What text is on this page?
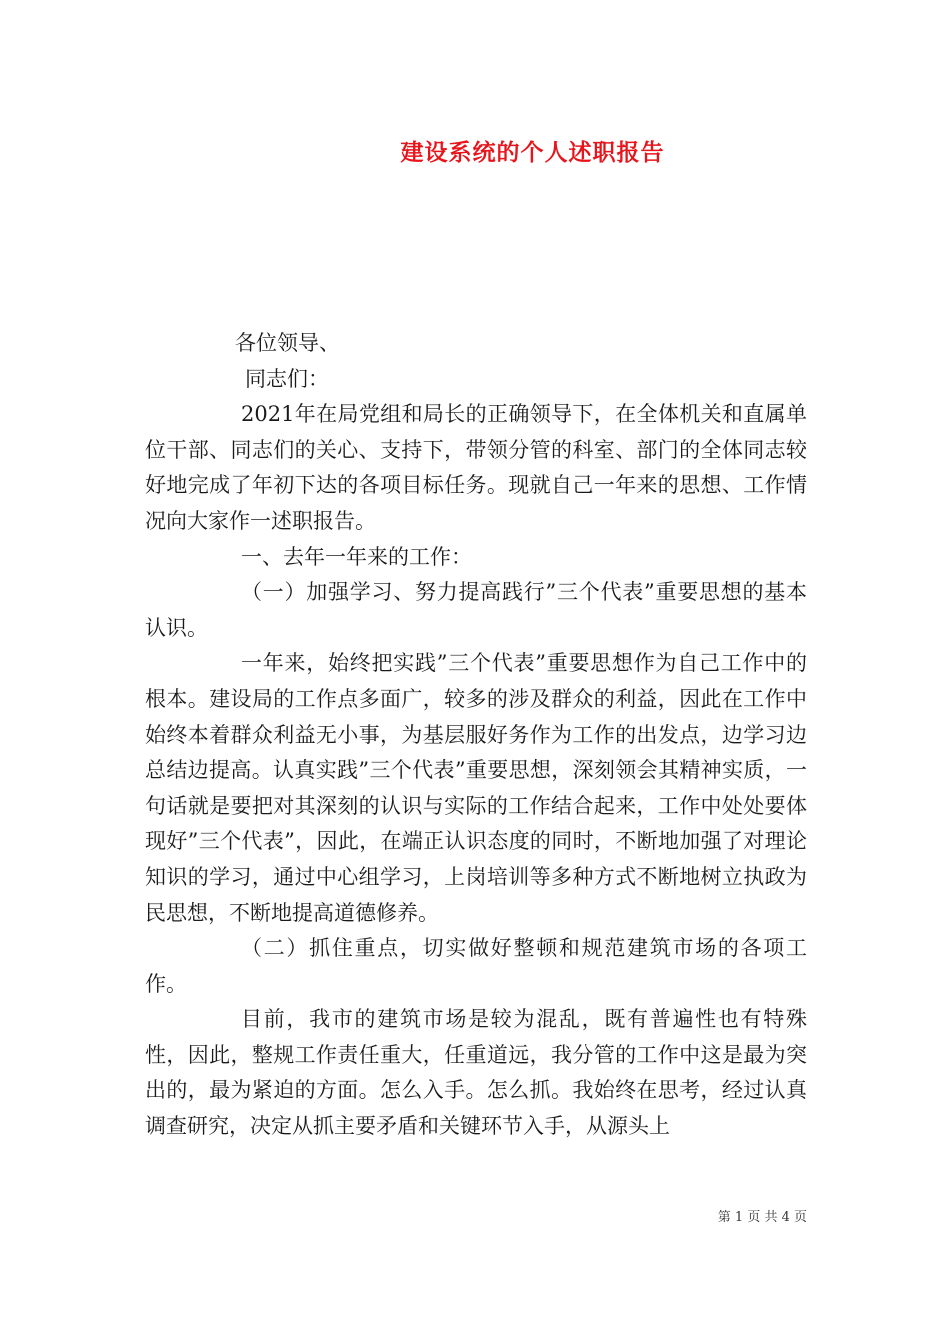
建设系统的个人述职报告
各位领导、
同志们：

2021年在局党组和局长的正确领导下，在全体机关和直属单位干部、同志们的关心、支持下，带领分管的科室、部门的全体同志较好地完成了年初下达的各项目标任务。现就自己一年来的思想、工作情况向大家作一述职报告。

一、去年一年来的工作：

（一）加强学习、努力提高践行”三个代表”重要思想的基本认识。

一年来，始终把实践”三个代表”重要思想作为自己工作中的根本。建设局的工作点多面广，较多的涉及群众的利益，因此在工作中始终本着群众利益无小事，为基层服好务作为工作的出发点，边学习边总结边提高。认真实践”三个代表”重要思想，深刻领会其精神实质，一句话就是要把对其深刻的认识与实际的工作结合起来，工作中处处要体现好”三个代表”，因此，在端正认识态度的同时，不断地加强了对理论知识的学习，通过中心组学习，上岗培训等多种方式不断地树立执政为民思想，不断地提高道德修养。

（二）抓住重点，切实做好整顿和规范建筑市场的各项工作。

目前，我市的建筑市场是较为混乱，既有普遍性也有特殊性，因此，整规工作责任重大，任重道远，我分管的工作中这是最为突出的，最为紧迫的方面。怎么入手。怎么抓。我始终在思考，经过认真调查研究，决定从抓主要矛盾和关键环节入手，从源头上

第 1 页 共 4 页
